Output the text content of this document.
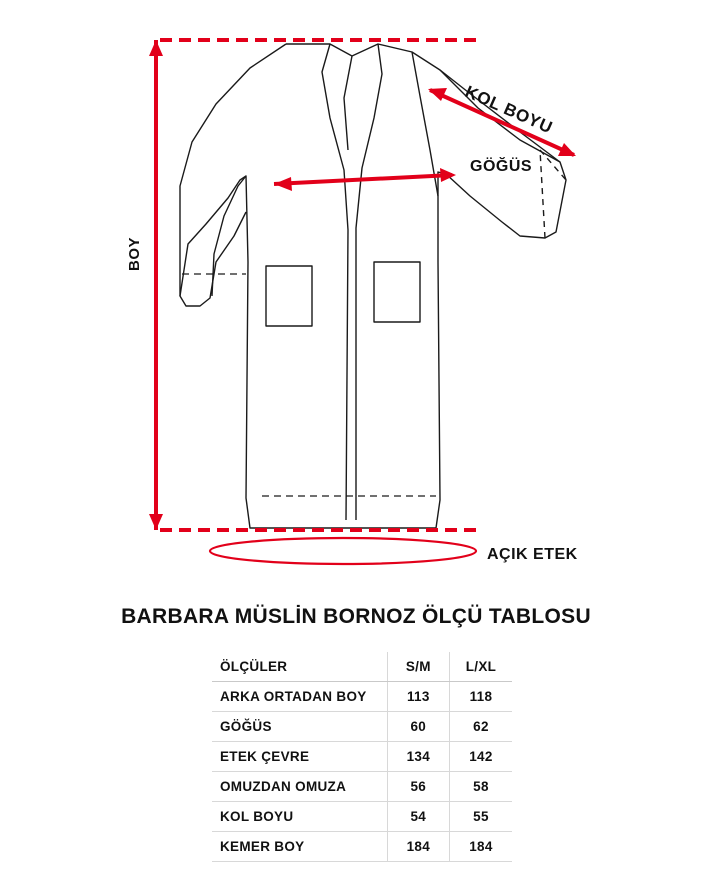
BOY
KOL BOYU
GÖĞÜS
AÇIK ETEK
BARBARA MÜSLİN BORNOZ ÖLÇÜ TABLOSU
ÖLÇÜLER	S/M	L/XL
ARKA ORTADAN BOY	113	118
GÖĞÜS	60	62
ETEK ÇEVRE	134	142
OMUZDAN OMUZA	56	58
KOL BOYU	54	55
KEMER BOY	184	184
